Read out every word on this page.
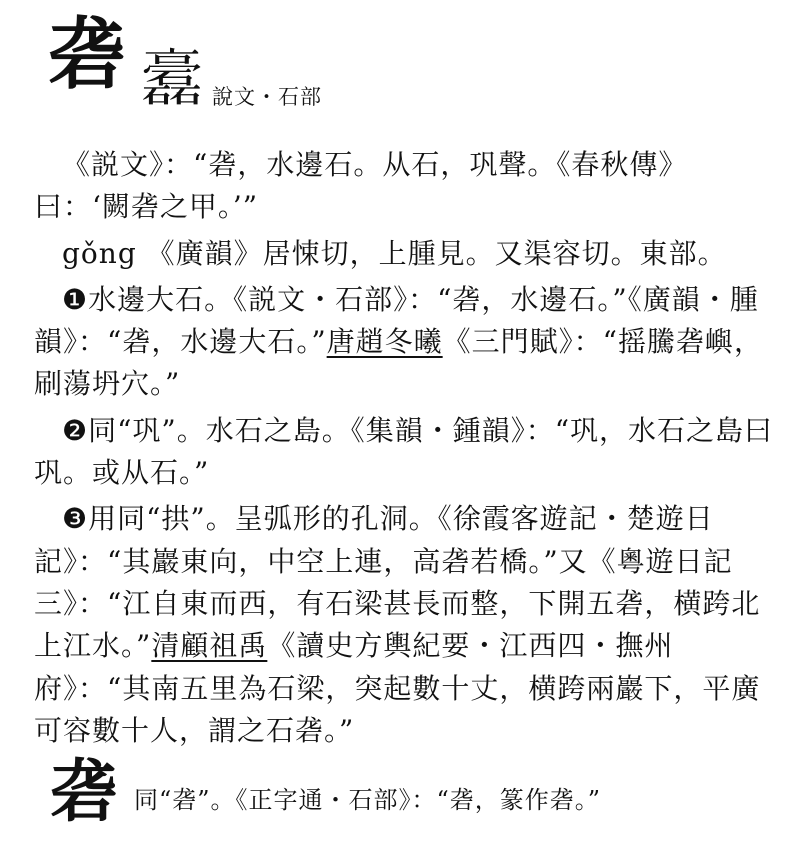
砻 𥗧 說文・石部

《説文》：“砻，水邊石。从石，巩聲。《春秋傳》曰：‘闕砻之甲。’”

gǒng 《廣韻》居悚切，上腫見。又渠容切。東部。

❶水邊大石。《説文・石部》：“砻，水邊石。”《廣韻・腫韻》：“砻，水邊大石。”唐趙冬曦《三門賦》：“摇騰砻嶼，刷蕩坍穴。”

❷同“巩”。水石之島。《集韻・鍾韻》：“巩，水石之島曰巩。或从石。”

❸用同“拱”。呈弧形的孔洞。《徐霞客遊記・楚遊日記》：“其巖東向，中空上連，高砻若橋。”又《粵遊日記三》：“江自東而西，有石梁甚長而整，下開五砻，横跨北上江水。”清顧祖禹《讀史方輿紀要・江西四・撫州府》：“其南五里為石梁，突起數十丈，横跨兩巖下，平廣可容數十人，謂之石砻。”

砻 同“砻”。《正字通・石部》：“砻，篆作砻。”
